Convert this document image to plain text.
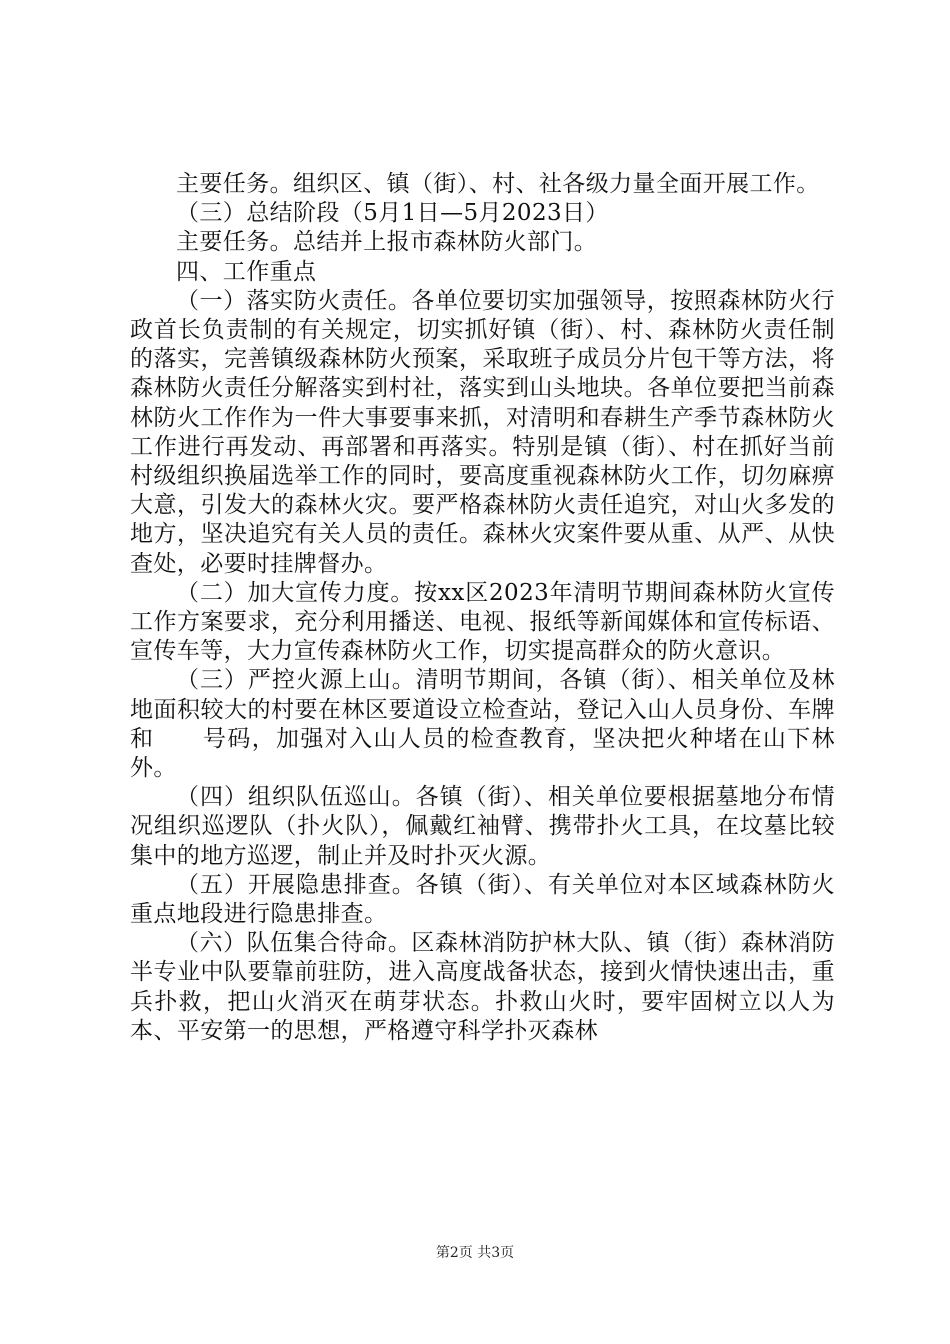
主要任务。组织区、镇（街）、村、社各级力量全面开展工作。

（三）总结阶段（5月1日—5月2023日）

主要任务。总结并上报市森林防火部门。

四、工作重点

（一）落实防火责任。各单位要切实加强领导，按照森林防火行政首长负责制的有关规定，切实抓好镇（街）、村、森林防火责任制的落实，完善镇级森林防火预案，采取班子成员分片包干等方法，将森林防火责任分解落实到村社，落实到山头地块。各单位要把当前森林防火工作作为一件大事要事来抓，对清明和春耕生产季节森林防火工作进行再发动、再部署和再落实。特别是镇（街）、村在抓好当前村级组织换届选举工作的同时，要高度重视森林防火工作，切勿麻痹大意，引发大的森林火灾。要严格森林防火责任追究，对山火多发的地方，坚决追究有关人员的责任。森林火灾案件要从重、从严、从快查处，必要时挂牌督办。

（二）加大宣传力度。按xx区2023年清明节期间森林防火宣传工作方案要求，充分利用播送、电视、报纸等新闻媒体和宣传标语、宣传车等，大力宣传森林防火工作，切实提高群众的防火意识。

（三）严控火源上山。清明节期间，各镇（街）、相关单位及林地面积较大的村要在林区要道设立检查站，登记入山人员身份、车牌和　　号码，加强对入山人员的检查教育，坚决把火种堵在山下林外。

（四）组织队伍巡山。各镇（街）、相关单位要根据墓地分布情况组织巡逻队（扑火队），佩戴红袖臂、携带扑火工具，在坟墓比较集中的地方巡逻，制止并及时扑灭火源。

（五）开展隐患排查。各镇（街）、有关单位对本区域森林防火重点地段进行隐患排查。

（六）队伍集合待命。区森林消防护林大队、镇（街）森林消防半专业中队要靠前驻防，进入高度战备状态，接到火情快速出击，重兵扑救，把山火消灭在萌芽状态。扑救山火时，要牢固树立以人为本、平安第一的思想，严格遵守科学扑灭森林

第2页 共3页
